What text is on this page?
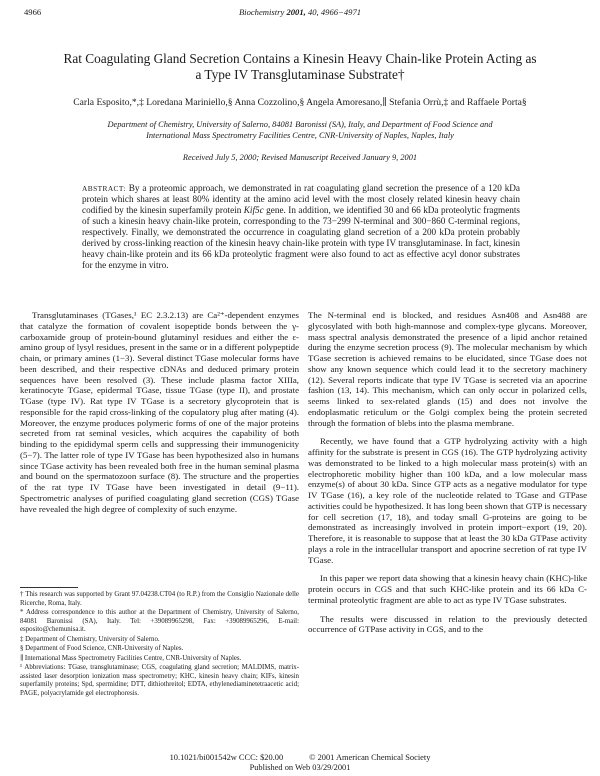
4966	Biochemistry 2001, 40, 4966−4971
Rat Coagulating Gland Secretion Contains a Kinesin Heavy Chain-like Protein Acting as a Type IV Transglutaminase Substrate†
Carla Esposito,*,‡ Loredana Mariniello,§ Anna Cozzolino,§ Angela Amoresano,∥ Stefania Orrù,‡ and Raffaele Porta§
Department of Chemistry, University of Salerno, 84081 Baronissi (SA), Italy, and Department of Food Science and
International Mass Spectrometry Facilities Centre, CNR-University of Naples, Naples, Italy
Received July 5, 2000; Revised Manuscript Received January 9, 2001
ABSTRACT: By a proteomic approach, we demonstrated in rat coagulating gland secretion the presence of a 120 kDa protein which shares at least 80% identity at the amino acid level with the most closely related kinesin heavy chain codified by the kinesin superfamily protein Kif5c gene. In addition, we identified 30 and 66 kDa proteolytic fragments of such a kinesin heavy chain-like protein, corresponding to the 73−299 N-terminal and 300−860 C-terminal regions, respectively. Finally, we demonstrated the occurrence in coagulating gland secretion of a 200 kDa protein probably derived by cross-linking reaction of the kinesin heavy chain-like protein with type IV transglutaminase. In fact, kinesin heavy chain-like protein and its 66 kDa proteolytic fragment were also found to act as effective acyl donor substrates for the enzyme in vitro.

Transglutaminases (TGases,¹ EC 2.3.2.13) are Ca²⁺-dependent enzymes that catalyze the formation of covalent isopeptide bonds between the γ-carboxamide group of protein-bound glutaminyl residues and either the ε-amino group of lysyl residues, present in the same or in a different polypeptide chain, or primary amines (1−3). Several distinct TGase molecular forms have been described, and their respective cDNAs and deduced primary protein sequences have been resolved (3). These include plasma factor XIIIa, keratinocyte TGase, epidermal TGase, tissue TGase (type II), and prostate TGase (type IV). Rat type IV TGase is a secretory glycoprotein that is responsible for the rapid cross-linking of the copulatory plug after mating (4). Moreover, the enzyme produces polymeric forms of one of the major proteins secreted from rat seminal vesicles, which acquires the capability of both binding to the epididymal sperm cells and suppressing their immunogenicity (5−7). The latter role of type IV TGase has been hypothesized also in humans since TGase activity has been revealed both free in the human seminal plasma and bound on the spermatozoon surface (8). The structure and the properties of the rat type IV TGase have been investigated in detail (9−11). Spectrometric analyses of purified coagulating gland secretion (CGS) TGase have revealed the high degree of complexity of such enzyme.

The N-terminal end is blocked, and residues Asn408 and Asn488 are glycosylated with both high-mannose and complex-type glycans. Moreover, mass spectral analysis demonstrated the presence of a lipid anchor retained during the enzyme secretion process (9). The molecular mechanism by which TGase secretion is achieved remains to be elucidated, since TGase does not show any known sequence which could lead it to the secretory machinery (12). Several reports indicate that type IV TGase is secreted via an apocrine fashion (13, 14). This mechanism, which can only occur in polarized cells, seems linked to sex-related glands (15) and does not involve the endoplasmatic reticulum or the Golgi complex being the protein secreted through the formation of blebs into the plasma membrane.

Recently, we have found that a GTP hydrolyzing activity with a high affinity for the substrate is present in CGS (16). The GTP hydrolyzing activity was demonstrated to be linked to a high molecular mass protein(s) with an electrophoretic mobility higher than 100 kDa, and a low molecular mass enzyme(s) of about 30 kDa. Since GTP acts as a negative modulator for type IV TGase (16), a key role of the nucleotide related to TGase and GTPase activities could be hypothesized. It has long been shown that GTP is necessary for cell secretion (17, 18), and today small G-proteins are going to be demonstrated as increasingly involved in protein import−export (19, 20). Therefore, it is reasonable to suppose that at least the 30 kDa GTPase activity plays a role in the intracellular transport and apocrine secretion of rat type IV TGase.

In this paper we report data showing that a kinesin heavy chain (KHC)-like protein occurs in CGS and that such KHC-like protein and its 66 kDa C-terminal proteolytic fragment are able to act as type IV TGase substrates.

The results were discussed in relation to the previously detected occurrence of GTPase activity in CGS, and to the

† This research was supported by Grant 97.04238.CT04 (to R.P.) from the Consiglio Nazionale delle Ricerche, Roma, Italy.

* Address correspondence to this author at the Department of Chemistry, University of Salerno, 84081 Baronissi (SA), Italy. Tel: +39089965298, Fax: +39089965296, E-mail: esposito@chemunisa.it.

‡ Department of Chemistry, University of Salerno.

§ Department of Food Science, CNR-University of Naples.

∥ International Mass Spectrometry Facilities Centre, CNR-University of Naples.

¹ Abbreviations: TGase, transglutaminase; CGS, coagulating gland secretion; MALDIMS, matrix-assisted laser desorption ionization mass spectrometry; KHC, kinesin heavy chain; KIFs, kinesin superfamily proteins; Spd, spermidine; DTT, dithiothreitol; EDTA, ethylenediaminetetraacetic acid; PAGE, polyacrylamide gel electrophoresis.

10.1021/bi001542w CCC: $20.00	© 2001 American Chemical Society
Published on Web 03/29/2001
